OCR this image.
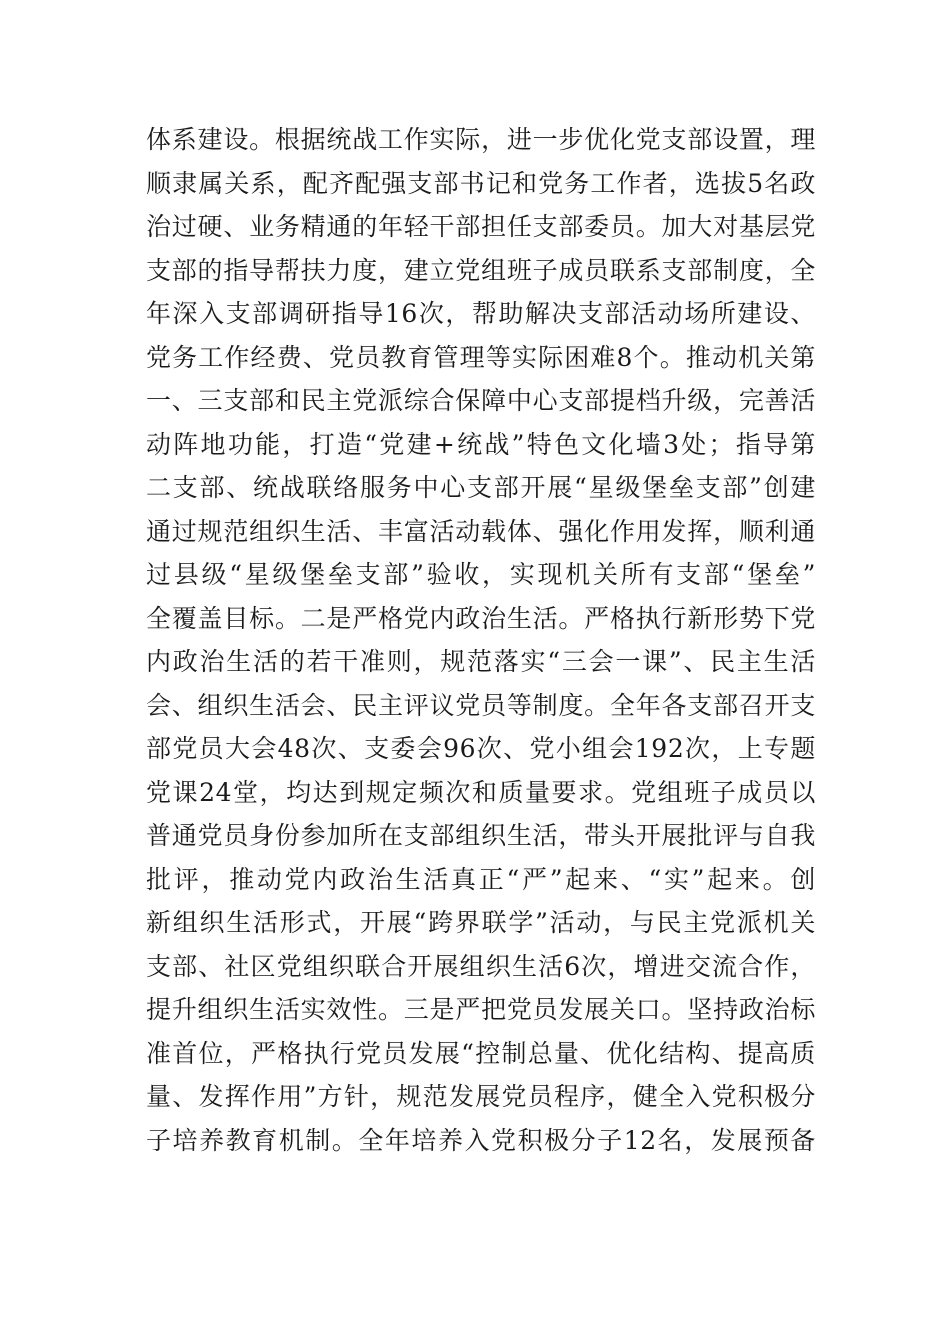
体系建设。根据统战工作实际，进一步优化党支部设置，理
顺隶属关系，配齐配强支部书记和党务工作者，选拔5名政
治过硬、业务精通的年轻干部担任支部委员。加大对基层党
支部的指导帮扶力度，建立党组班子成员联系支部制度，全
年深入支部调研指导16次，帮助解决支部活动场所建设、
党务工作经费、党员教育管理等实际困难8个。推动机关第
一、三支部和民主党派综合保障中心支部提档升级，完善活
动阵地功能，打造“党建+统战”特色文化墙3处；指导第
二支部、统战联络服务中心支部开展“星级堡垒支部”创建
通过规范组织生活、丰富活动载体、强化作用发挥，顺利通
过县级“星级堡垒支部”验收，实现机关所有支部“堡垒”
全覆盖目标。二是严格党内政治生活。严格执行新形势下党
内政治生活的若干准则，规范落实“三会一课”、民主生活
会、组织生活会、民主评议党员等制度。全年各支部召开支
部党员大会48次、支委会96次、党小组会192次，上专题
党课24堂，均达到规定频次和质量要求。党组班子成员以
普通党员身份参加所在支部组织生活，带头开展批评与自我
批评，推动党内政治生活真正“严”起来、“实”起来。创
新组织生活形式，开展“跨界联学”活动，与民主党派机关
支部、社区党组织联合开展组织生活6次，增进交流合作，
提升组织生活实效性。三是严把党员发展关口。坚持政治标
准首位，严格执行党员发展“控制总量、优化结构、提高质
量、发挥作用”方针，规范发展党员程序，健全入党积极分
子培养教育机制。全年培养入党积极分子12名，发展预备
